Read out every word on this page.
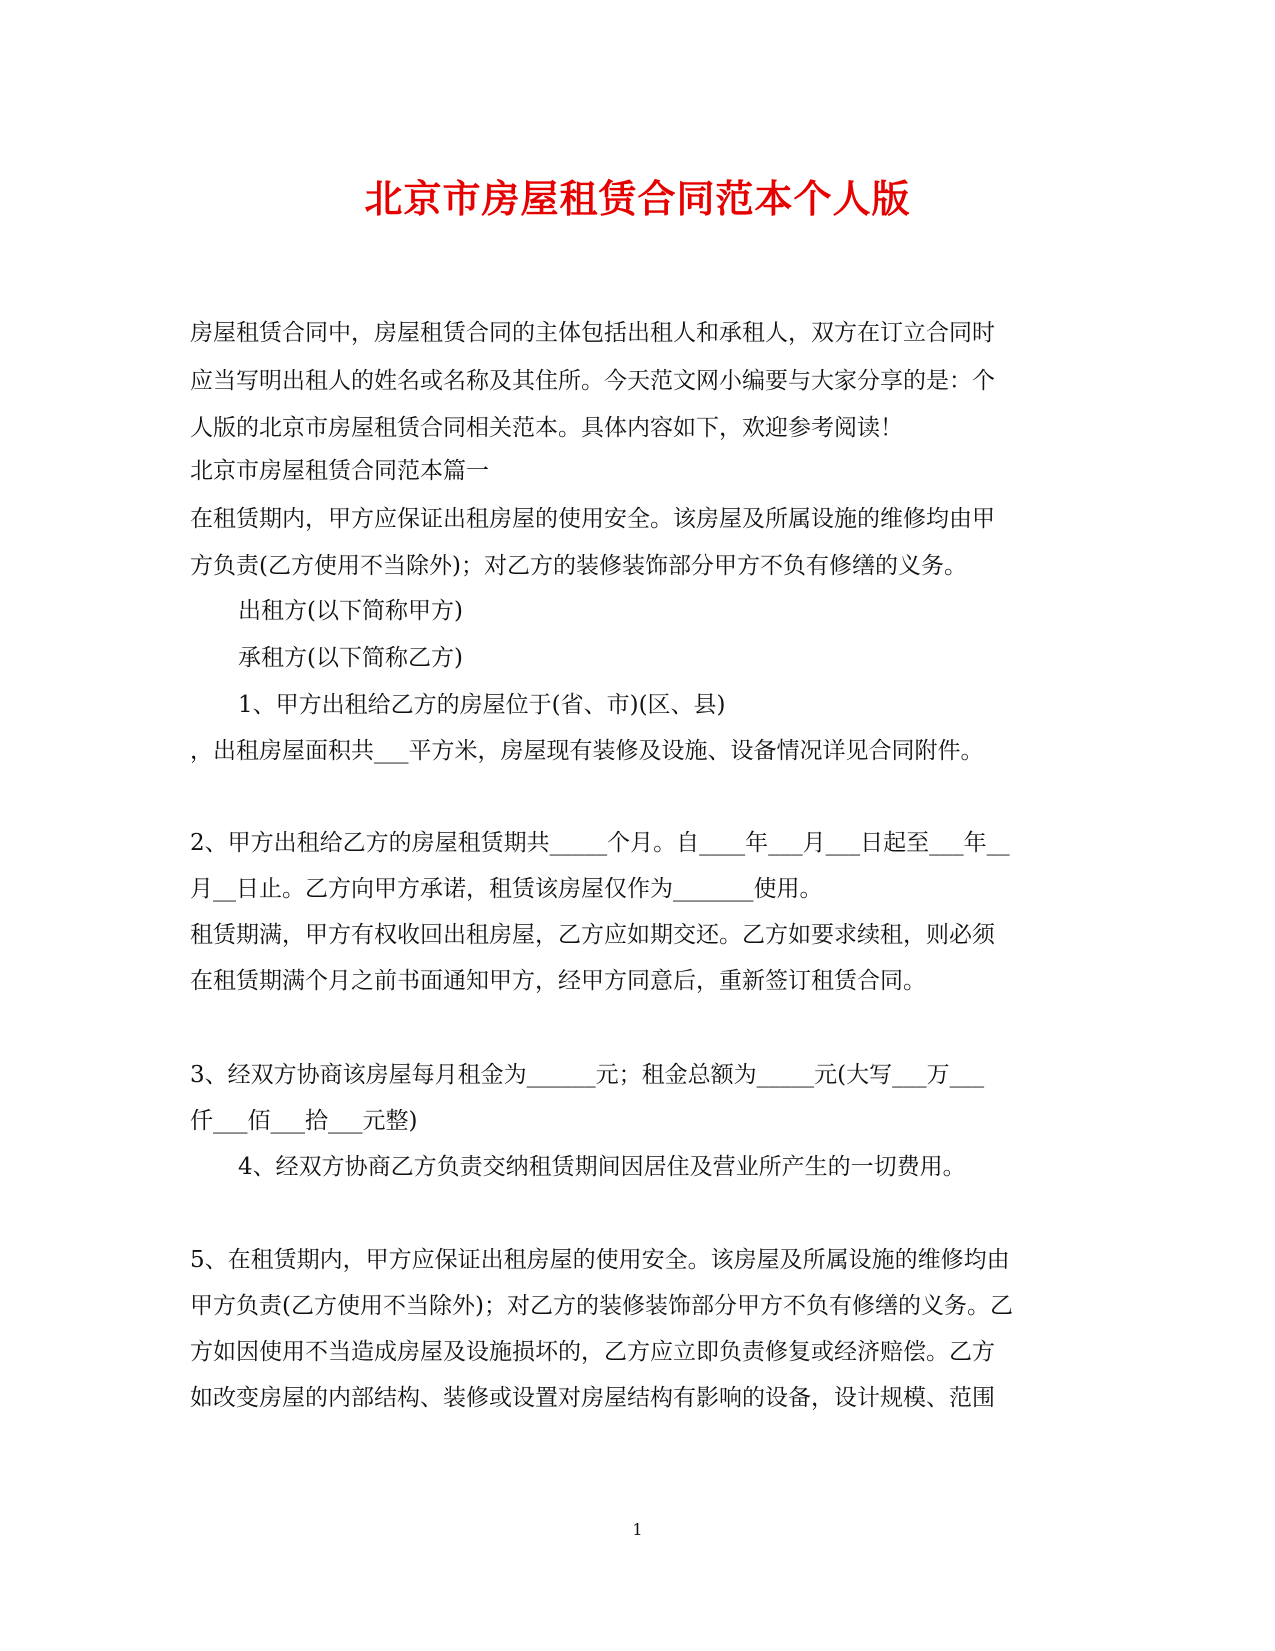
北京市房屋租赁合同范本个人版
房屋租赁合同中，房屋租赁合同的主体包括出租人和承租人，双方在订立合同时
应当写明出租人的姓名或名称及其住所。今天范文网小编要与大家分享的是：个
人版的北京市房屋租赁合同相关范本。具体内容如下，欢迎参考阅读！
北京市房屋租赁合同范本篇一
在租赁期内，甲方应保证出租房屋的使用安全。该房屋及所属设施的维修均由甲
方负责(乙方使用不当除外)；对乙方的装修装饰部分甲方不负有修缮的义务。
出租方(以下简称甲方)
承租方(以下简称乙方)
1、甲方出租给乙方的房屋位于(省、市)(区、县)
，出租房屋面积共___平方米，房屋现有装修及设施、设备情况详见合同附件。
2、甲方出租给乙方的房屋租赁期共_____个月。自____年___月___日起至___年__
月__日止。乙方向甲方承诺，租赁该房屋仅作为_______使用。
租赁期满，甲方有权收回出租房屋，乙方应如期交还。乙方如要求续租，则必须
在租赁期满个月之前书面通知甲方，经甲方同意后，重新签订租赁合同。
3、经双方协商该房屋每月租金为______元；租金总额为_____元(大写___万___
仟___佰___拾___元整)
4、经双方协商乙方负责交纳租赁期间因居住及营业所产生的一切费用。
5、在租赁期内，甲方应保证出租房屋的使用安全。该房屋及所属设施的维修均由
甲方负责(乙方使用不当除外)；对乙方的装修装饰部分甲方不负有修缮的义务。乙
方如因使用不当造成房屋及设施损坏的，乙方应立即负责修复或经济赔偿。乙方
如改变房屋的内部结构、装修或设置对房屋结构有影响的设备，设计规模、范围
1
